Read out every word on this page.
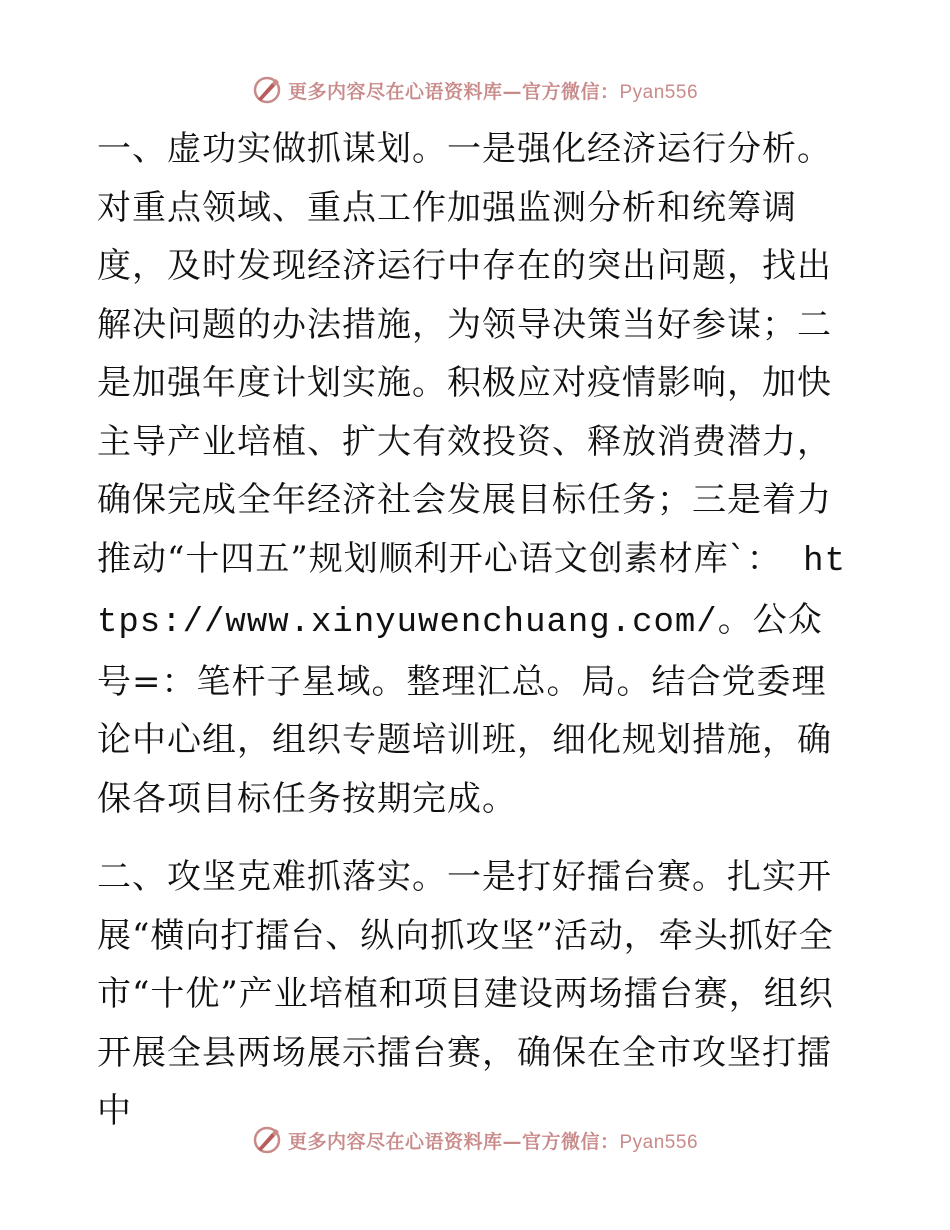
更多内容尽在心语资料库—官方微信：Pyan556

一、虚功实做抓谋划。一是强化经济运行分析。对重点领域、重点工作加强监测分析和统筹调度，及时发现经济运行中存在的突出问题，找出解决问题的办法措施，为领导决策当好参谋；二是加强年度计划实施。积极应对疫情影响，加快主导产业培植、扩大有效投资、释放消费潜力，确保完成全年经济社会发展目标任务；三是着力推动“十四五”规划顺利开心语文创素材库`： https://www.xinyuwenchuang.com/。公众号=：笔杆子星域。整理汇总。局。结合党委理论中心组，组织专题培训班，细化规划措施，确保各项目标任务按期完成。

二、攻坚克难抓落实。一是打好擂台赛。扎实开展“横向打擂台、纵向抓攻坚”活动，牵头抓好全市“十优”产业培植和项目建设两场擂台赛，组织开展全县两场展示擂台赛，确保在全市攻坚打擂中

更多内容尽在心语资料库—官方微信：Pyan556
